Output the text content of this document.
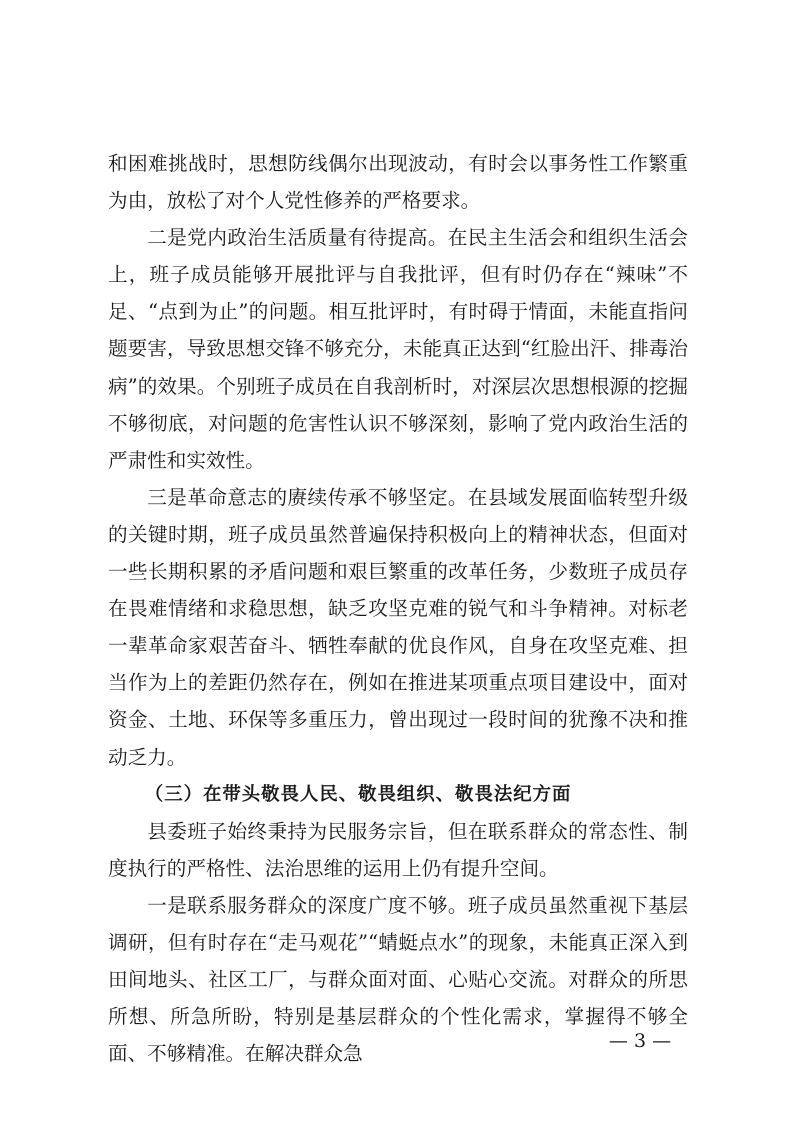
和困难挑战时，思想防线偶尔出现波动，有时会以事务性工作繁重为由，放松了对个人党性修养的严格要求。

二是党内政治生活质量有待提高。在民主生活会和组织生活会上，班子成员能够开展批评与自我批评，但有时仍存在“辣味”不足、“点到为止”的问题。相互批评时，有时碍于情面，未能直指问题要害，导致思想交锋不够充分，未能真正达到“红脸出汗、排毒治病”的效果。个别班子成员在自我剖析时，对深层次思想根源的挖掘不够彻底，对问题的危害性认识不够深刻，影响了党内政治生活的严肃性和实效性。

三是革命意志的赓续传承不够坚定。在县域发展面临转型升级的关键时期，班子成员虽然普遍保持积极向上的精神状态，但面对一些长期积累的矛盾问题和艰巨繁重的改革任务，少数班子成员存在畏难情绪和求稳思想，缺乏攻坚克难的锐气和斗争精神。对标老一辈革命家艰苦奋斗、牺牲奉献的优良作风，自身在攻坚克难、担当作为上的差距仍然存在，例如在推进某项重点项目建设中，面对资金、土地、环保等多重压力，曾出现过一段时间的犹豫不决和推动乏力。

（三）在带头敬畏人民、敬畏组织、敬畏法纪方面

县委班子始终秉持为民服务宗旨，但在联系群众的常态性、制度执行的严格性、法治思维的运用上仍有提升空间。

一是联系服务群众的深度广度不够。班子成员虽然重视下基层调研，但有时存在“走马观花”“蜻蜓点水”的现象，未能真正深入到田间地头、社区工厂，与群众面对面、心贴心交流。对群众的所思所想、所急所盼，特别是基层群众的个性化需求，掌握得不够全面、不够精准。在解决群众急

— 3 —
